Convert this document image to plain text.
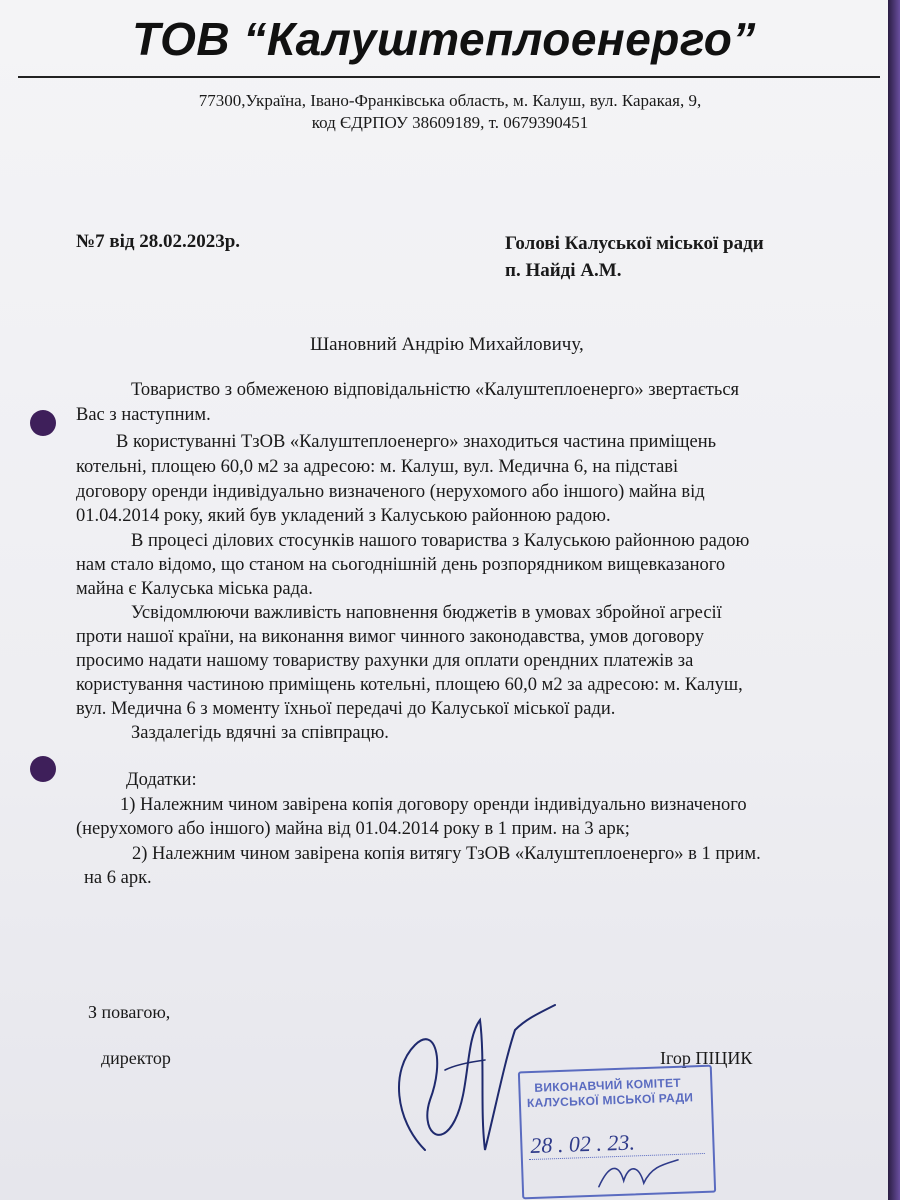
ТОВ “Калуштеплоенерго”
77300,Україна, Івано-Франківська область, м. Калуш, вул. Каракая, 9,
код ЄДРПОУ 38609189, т. 0679390451
№7 від 28.02.2023р.	Голові Калуської міської ради
п. Найді А.М.
Шановний Андрію Михайловичу,
Товариство з обмеженою відповідальністю «Калуштеплоенерго» звертається
Вас з наступним.
В користуванні ТзОВ «Калуштеплоенерго» знаходиться частина приміщень
котельні, площею 60,0 м2 за адресою: м. Калуш, вул. Медична 6, на підставі
договору оренди індивідуально визначеного (нерухомого або іншого) майна від
01.04.2014 року, який був укладений з Калуською районною радою.
В процесі ділових стосунків нашого товариства з Калуською районною радою
нам стало відомо, що станом на сьогоднішній день розпорядником вищевказаного
майна є Калуська міська рада.
Усвідомлюючи важливість наповнення бюджетів в умовах збройної агресії
проти нашої країни, на виконання вимог чинного законодавства, умов договору
просимо надати нашому товариству рахунки для оплати орендних платежів за
користування частиною приміщень котельні, площею 60,0 м2 за адресою: м. Калуш,
вул. Медична 6 з моменту їхньої передачі до Калуської міської ради.
Заздалегідь вдячні за співпрацю.
Додатки:
1) Належним чином завірена копія договору оренди індивідуально визначеного
(нерухомого або іншого) майна від 01.04.2014 року в 1 прим. на 3 арк;
2) Належним чином завірена копія витягу ТзОВ «Калуштеплоенерго» в 1 прим.
на 6 арк.
З повагою,
директор	Ігор ПІЦИК
ВИКОНАВЧИЙ КОМІТЕТ
КАЛУСЬКОЇ МІСЬКОЇ РАДИ
28 . 02 . 23.
